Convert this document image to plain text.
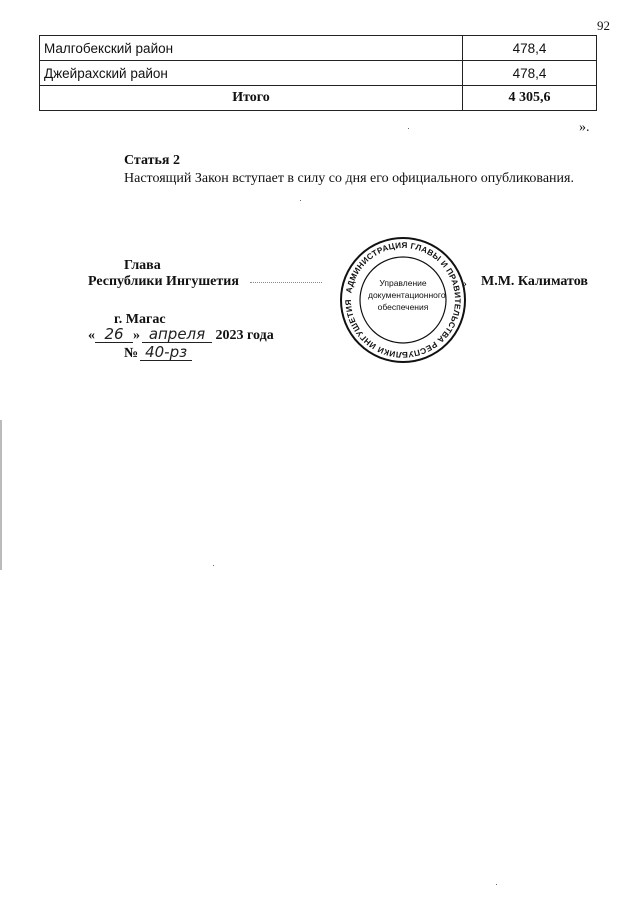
92
Малгобекский район	478,4
Джейрахский район	478,4
Итого	4 305,6
».
Статья 2

Настоящий Закон вступает в силу со дня его официального опубликования.

Глава
Республики Ингушетия	› М.М. Калиматов
АДМИНИСТРАЦИЯ ГЛАВЫ И ПРАВИТЕЛЬСТВА РЕСПУБЛИКИ ИНГУШЕТИЯ
Управление документационного обеспечения
г. Магас
« 26 » апреля 2023 года
№ 40-рз
